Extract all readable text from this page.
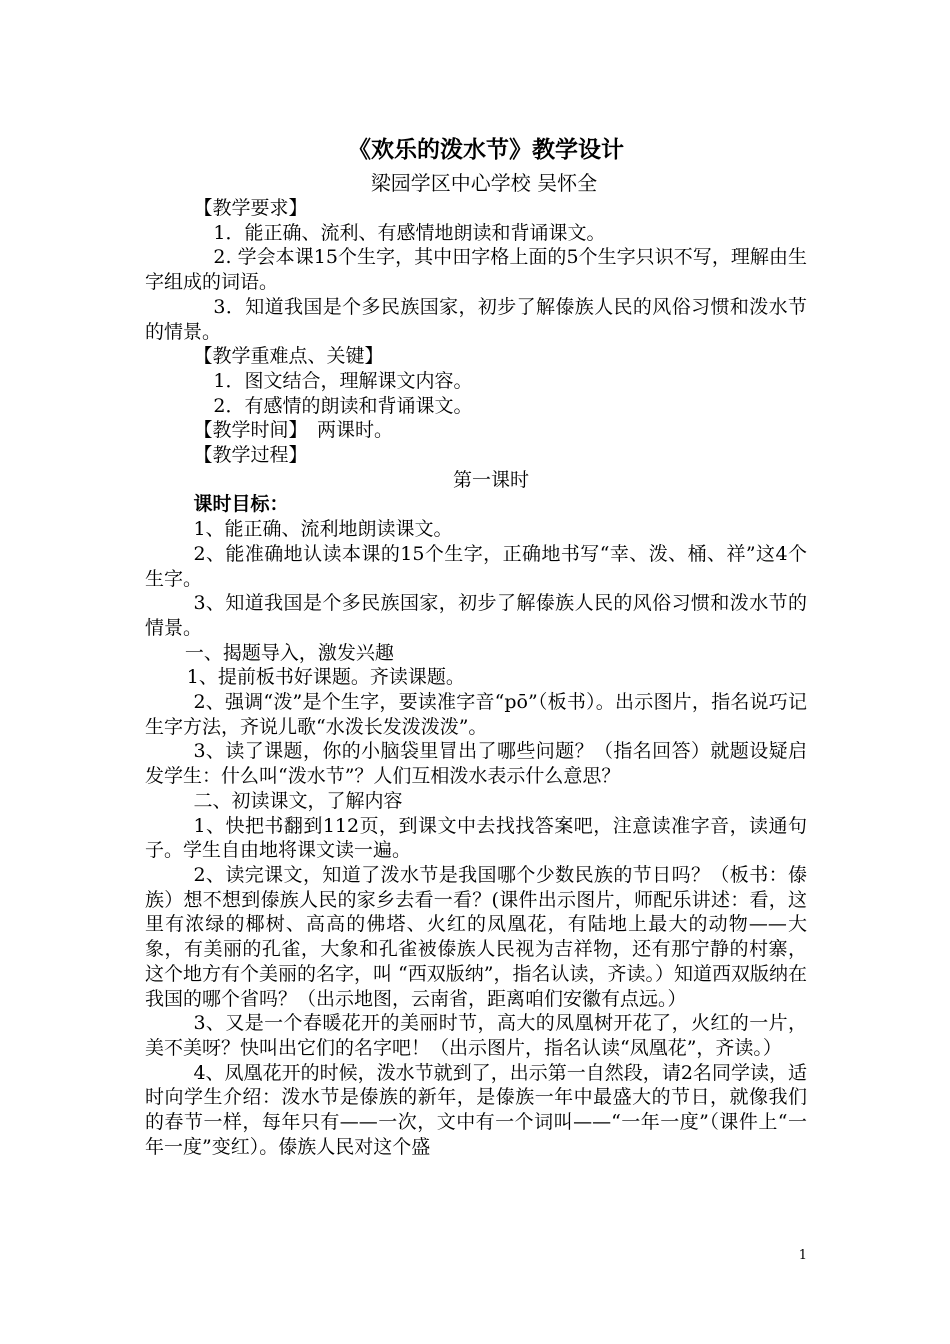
《欢乐的泼水节》教学设计
梁园学区中心学校 吴怀全

【教学要求】

1．能正确、流利、有感情地朗读和背诵课文。

2. 学会本课15个生字，其中田字格上面的5个生字只识不写，理解由生字组成的词语。

3．知道我国是个多民族国家，初步了解傣族人民的风俗习惯和泼水节的情景。

【教学重难点、关键】

1．图文结合，理解课文内容。

2．有感情的朗读和背诵课文。

【教学时间】　两课时。

【教学过程】

第一课时

课时目标：

1、能正确、流利地朗读课文。

2、能准确地认读本课的15个生字，正确地书写“幸、泼、桶、祥”这4个生字。

3、知道我国是个多民族国家，初步了解傣族人民的风俗习惯和泼水节的情景。

一、揭题导入，激发兴趣

1、提前板书好课题。齐读课题。

2、强调“泼”是个生字，要读准字音“pō”（板书）。出示图片，指名说巧记生字方法，齐说儿歌“水泼长发泼泼泼”。

3、读了课题，你的小脑袋里冒出了哪些问题？（指名回答）就题设疑启发学生：什么叫“泼水节”？人们互相泼水表示什么意思？

二、初读课文，了解内容

1、快把书翻到112页，到课文中去找找答案吧，注意读准字音，读通句子。学生自由地将课文读一遍。

2、读完课文，知道了泼水节是我国哪个少数民族的节日吗？（板书：傣族）想不想到傣族人民的家乡去看一看？(课件出示图片，师配乐讲述：看，这里有浓绿的椰树、高高的佛塔、火红的凤凰花，有陆地上最大的动物——大象，有美丽的孔雀，大象和孔雀被傣族人民视为吉祥物，还有那宁静的村寨，这个地方有个美丽的名字，叫 “西双版纳”，指名认读，齐读。）知道西双版纳在我国的哪个省吗？（出示地图，云南省，距离咱们安徽有点远。）

3、又是一个春暖花开的美丽时节，高大的凤凰树开花了，火红的一片，美不美呀？快叫出它们的名字吧！（出示图片，指名认读“凤凰花”，齐读。）

4、凤凰花开的时候，泼水节就到了，出示第一自然段，请2名同学读，适时向学生介绍：泼水节是傣族的新年，是傣族一年中最盛大的节日，就像我们的春节一样，每年只有——一次，文中有一个词叫——“一年一度”（课件上“一年一度”变红）。傣族人民对这个盛

1
